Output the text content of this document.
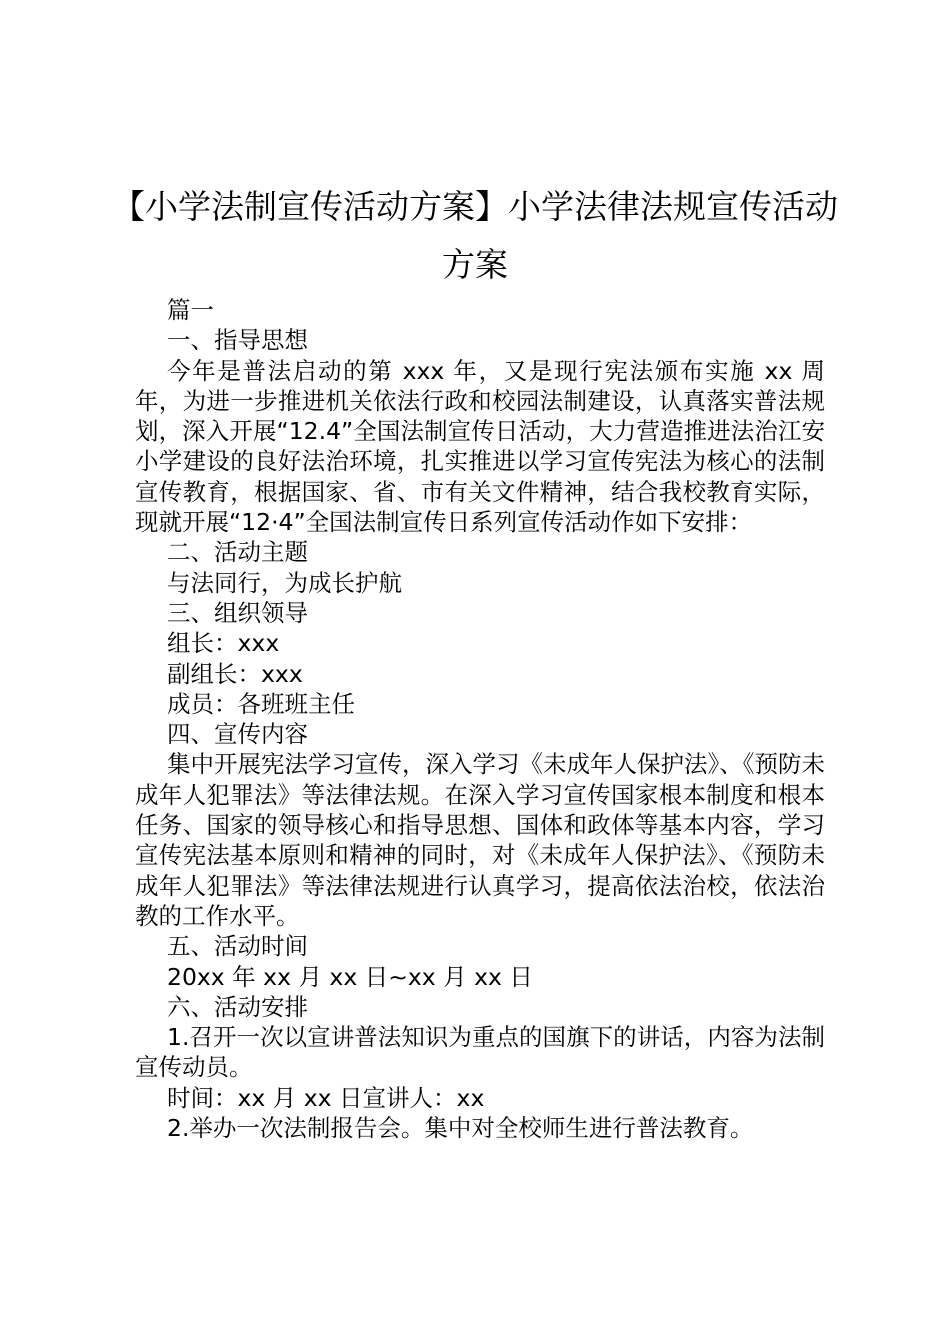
【小学法制宣传活动方案】小学法律法规宣传活动方案

篇一

一、指导思想

今年是普法启动的第 xxx 年，又是现行宪法颁布实施 xx 周年，为进一步推进机关依法行政和校园法制建设，认真落实普法规划，深入开展“12.4”全国法制宣传日活动，大力营造推进法治江安小学建设的良好法治环境，扎实推进以学习宣传宪法为核心的法制宣传教育，根据国家、省、市有关文件精神，结合我校教育实际，现就开展“12·4”全国法制宣传日系列宣传活动作如下安排：

二、活动主题

与法同行，为成长护航

三、组织领导

组长：xxx

副组长：xxx

成员：各班班主任

四、宣传内容

集中开展宪法学习宣传，深入学习《未成年人保护法》、《预防未成年人犯罪法》等法律法规。在深入学习宣传国家根本制度和根本任务、国家的领导核心和指导思想、国体和政体等基本内容，学习宣传宪法基本原则和精神的同时，对《未成年人保护法》、《预防未成年人犯罪法》等法律法规进行认真学习，提高依法治校，依法治教的工作水平。

五、活动时间

20xx 年 xx 月 xx 日~xx 月 xx 日

六、活动安排

1.召开一次以宣讲普法知识为重点的国旗下的讲话，内容为法制宣传动员。

时间：xx 月 xx 日宣讲人：xx

2.举办一次法制报告会。集中对全校师生进行普法教育。
